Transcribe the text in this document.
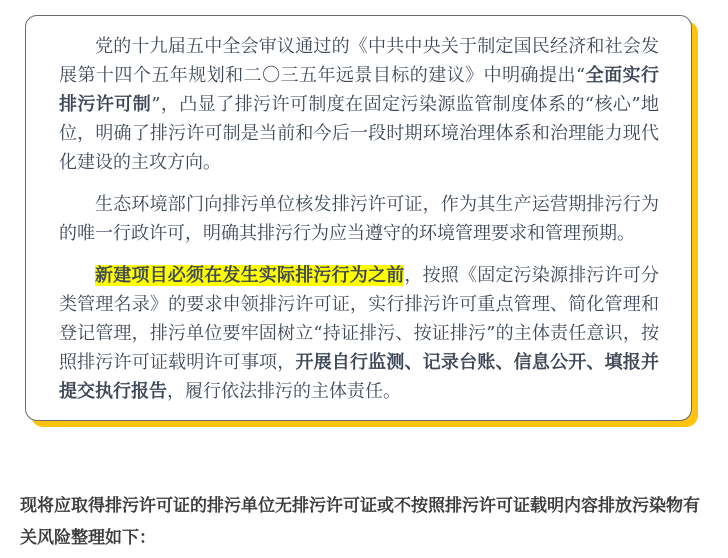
党的十九届五中全会审议通过的《中共中央关于制定国民经济和社会发展第十四个五年规划和二〇三五年远景目标的建议》中明确提出“全面实行排污许可制”，凸显了排污许可制度在固定污染源监管制度体系的“核心”地位，明确了排污许可制是当前和今后一段时期环境治理体系和治理能力现代化建设的主攻方向。

生态环境部门向排污单位核发排污许可证，作为其生产运营期排污行为的唯一行政许可，明确其排污行为应当遵守的环境管理要求和管理预期。

新建项目必须在发生实际排污行为之前，按照《固定污染源排污许可分类管理名录》的要求申领排污许可证，实行排污许可重点管理、简化管理和登记管理，排污单位要牢固树立“持证排污、按证排污”的主体责任意识，按照排污许可证载明许可事项，开展自行监测、记录台账、信息公开、填报并提交执行报告，履行依法排污的主体责任。

现将应取得排污许可证的排污单位无排污许可证或不按照排污许可证载明内容排放污染物有关风险整理如下：
